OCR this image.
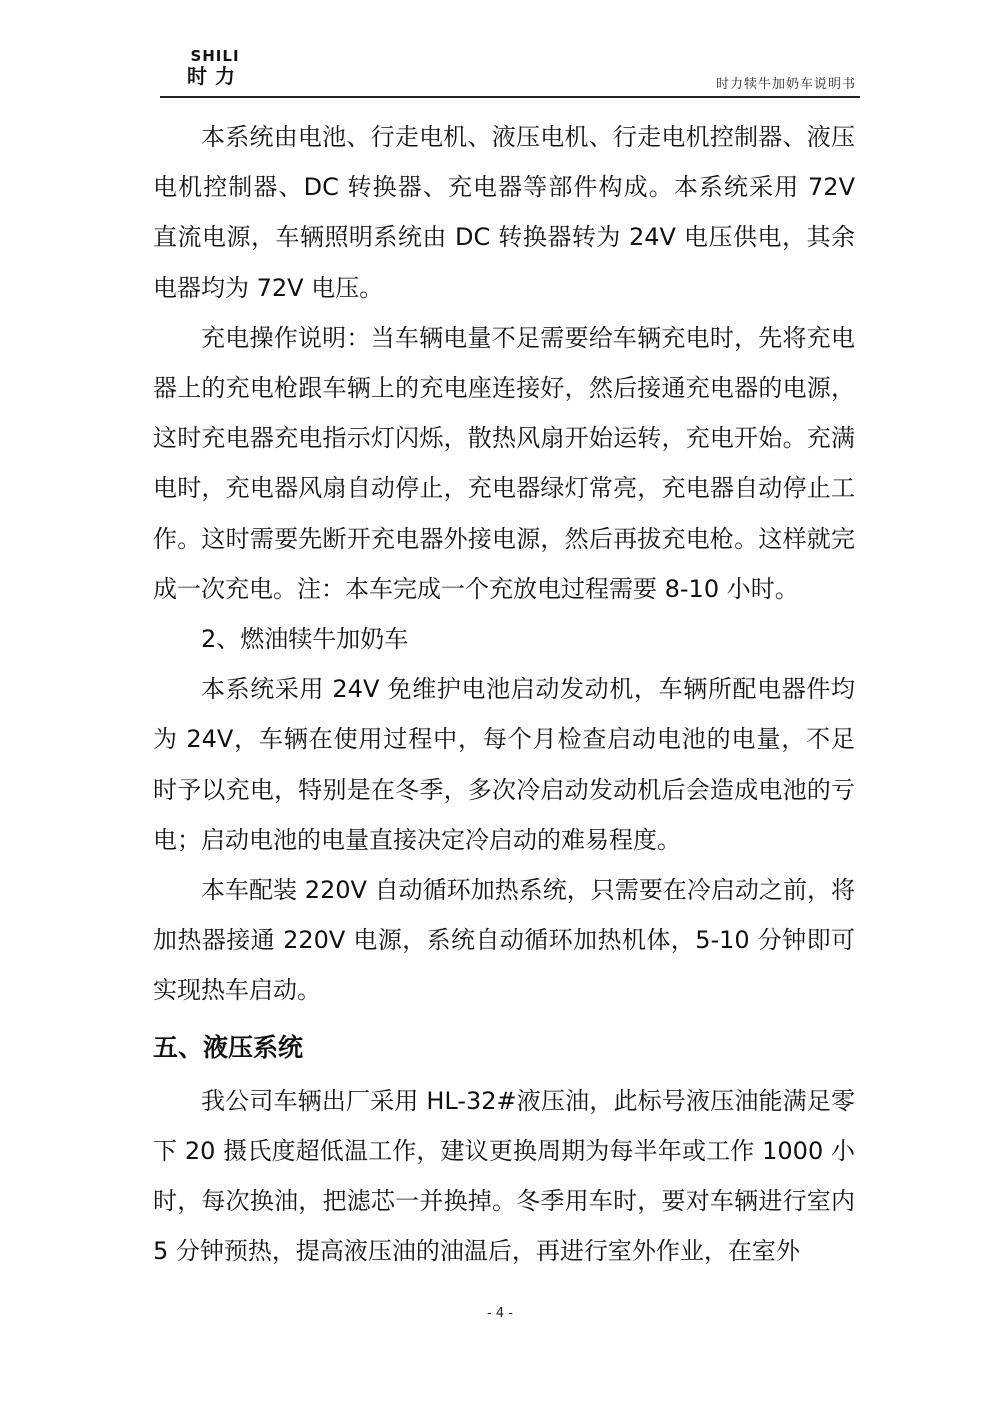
SHILI
时力	时力犊牛加奶车说明书

本系统由电池、行走电机、液压电机、行走电机控制器、液压电机控制器、DC 转换器、充电器等部件构成。本系统采用 72V 直流电源，车辆照明系统由 DC 转换器转为 24V 电压供电，其余电器均为 72V 电压。

充电操作说明：当车辆电量不足需要给车辆充电时，先将充电器上的充电枪跟车辆上的充电座连接好，然后接通充电器的电源，这时充电器充电指示灯闪烁，散热风扇开始运转，充电开始。充满电时，充电器风扇自动停止，充电器绿灯常亮，充电器自动停止工作。这时需要先断开充电器外接电源，然后再拔充电枪。这样就完成一次充电。注：本车完成一个充放电过程需要 8-10 小时。

2、燃油犊牛加奶车

本系统采用 24V 免维护电池启动发动机，车辆所配电器件均为 24V，车辆在使用过程中，每个月检查启动电池的电量，不足时予以充电，特别是在冬季，多次冷启动发动机后会造成电池的亏电；启动电池的电量直接决定冷启动的难易程度。

本车配装 220V 自动循环加热系统，只需要在冷启动之前，将加热器接通 220V 电源，系统自动循环加热机体，5-10 分钟即可实现热车启动。

五、液压系统

我公司车辆出厂采用 HL-32#液压油，此标号液压油能满足零下 20 摄氏度超低温工作，建议更换周期为每半年或工作 1000 小时，每次换油，把滤芯一并换掉。冬季用车时，要对车辆进行室内 5 分钟预热，提高液压油的油温后，再进行室外作业，在室外

- 4 -
